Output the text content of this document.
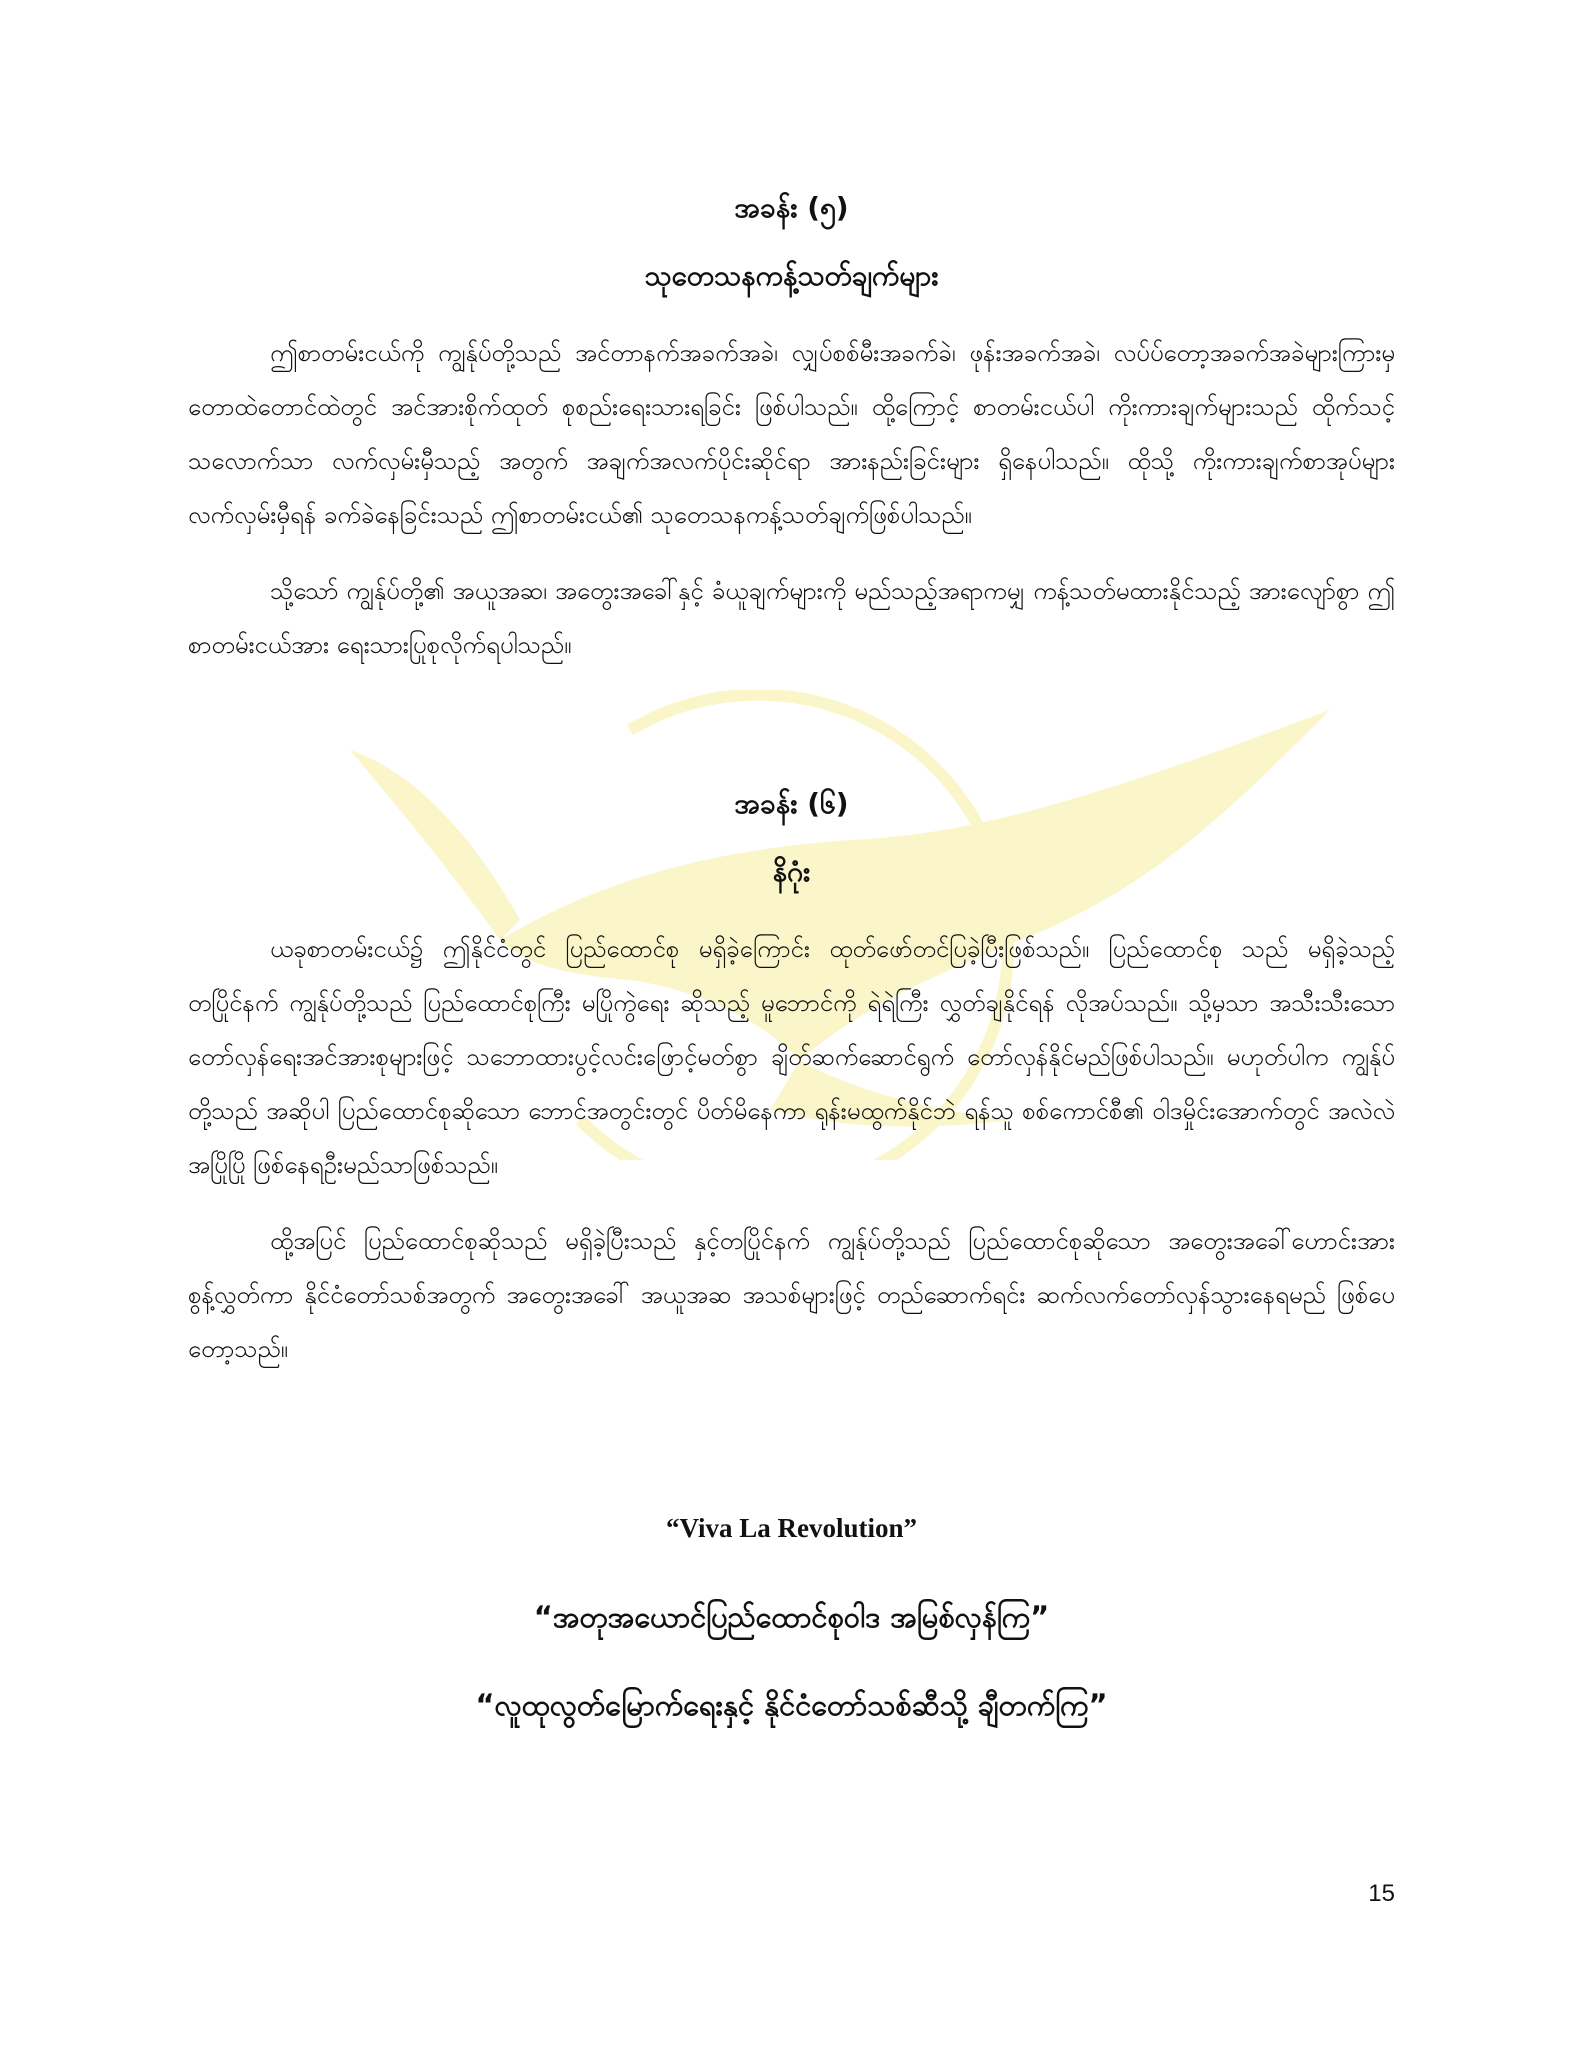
အခန်း (၅)
သုတေသနကန့်သတ်ချက်များ

ဤစာတမ်းငယ်ကို ကျွန်ုပ်တို့သည် အင်တာနက်အခက်အခဲ၊ လျှပ်စစ်မီးအခက်ခဲ၊ ဖုန်းအခက်အခဲ၊ လပ်ပ်တော့အခက်အခဲများကြားမှ တောထဲတောင်ထဲတွင် အင်အားစိုက်ထုတ် စုစည်းရေးသားရခြင်း ဖြစ်ပါသည်။ ထို့ကြောင့် စာတမ်းငယ်ပါ ကိုးကားချက်များသည် ထိုက်သင့်သလောက်သာ လက်လှမ်းမှီသည့် အတွက် အချက်အလက်ပိုင်းဆိုင်ရာ အားနည်းခြင်းများ ရှိနေပါသည်။ ထိုသို့ ကိုးကားချက်စာအုပ်များ လက်လှမ်းမှီရန် ခက်ခဲနေခြင်းသည် ဤစာတမ်းငယ်၏ သုတေသနကန့်သတ်ချက်ဖြစ်ပါသည်။

သို့သော် ကျွန်ုပ်တို့၏ အယူအဆ၊ အတွေးအခေါ်နှင့် ခံယူချက်များကို မည်သည့်အရာကမျှ ကန့်သတ်မထားနိုင်သည့် အားလျော်စွာ ဤစာတမ်းငယ်အား ရေးသားပြုစုလိုက်ရပါသည်။

အခန်း (၆)
နိဂုံး

ယခုစာတမ်းငယ်၌ ဤနိုင်ငံတွင် ပြည်ထောင်စု မရှိခဲ့ကြောင်း ထုတ်ဖော်တင်ပြခဲ့ပြီးဖြစ်သည်။ ပြည်ထောင်စု သည် မရှိခဲ့သည့် တပြိုင်နက် ကျွန်ုပ်တို့သည် ပြည်ထောင်စုကြီး မပြိုကွဲရေး ဆိုသည့် မူဘောင်ကို ရဲရဲကြီး လွှတ်ချနိုင်ရန် လိုအပ်သည်။ သို့မှသာ အသီးသီးသော တော်လှန်ရေးအင်အားစုများဖြင့် သဘောထားပွင့်လင်းဖြောင့်မတ်စွာ ချိတ်ဆက်ဆောင်ရွက် တော်လှန်နိုင်မည်ဖြစ်ပါသည်။ မဟုတ်ပါက ကျွန်ုပ်တို့သည် အဆိုပါ ပြည်ထောင်စုဆိုသော ဘောင်အတွင်းတွင် ပိတ်မိနေကာ ရုန်းမထွက်နိုင်ဘဲ ရန်သူ စစ်ကောင်စီ၏ ဝါဒမှိုင်းအောက်တွင် အလဲလဲအပြိုပြို ဖြစ်နေရဦးမည်သာဖြစ်သည်။

ထို့အပြင် ပြည်ထောင်စုဆိုသည် မရှိခဲ့ပြီးသည် နှင့်တပြိုင်နက် ကျွန်ုပ်တို့သည် ပြည်ထောင်စုဆိုသော အတွေးအခေါ်ဟောင်းအားစွန့်လွှတ်ကာ နိုင်ငံတော်သစ်အတွက် အတွေးအခေါ် အယူအဆ အသစ်များဖြင့် တည်ဆောက်ရင်း ဆက်လက်တော်လှန်သွားနေရမည် ဖြစ်ပေတော့သည်။

“Viva La Revolution”
“အတုအယောင်ပြည်ထောင်စုဝါဒ အမြစ်လှန်ကြ”
“လူထုလွတ်မြောက်ရေးနှင့် နိုင်ငံတော်သစ်ဆီသို့ ချီတက်ကြ”
15
